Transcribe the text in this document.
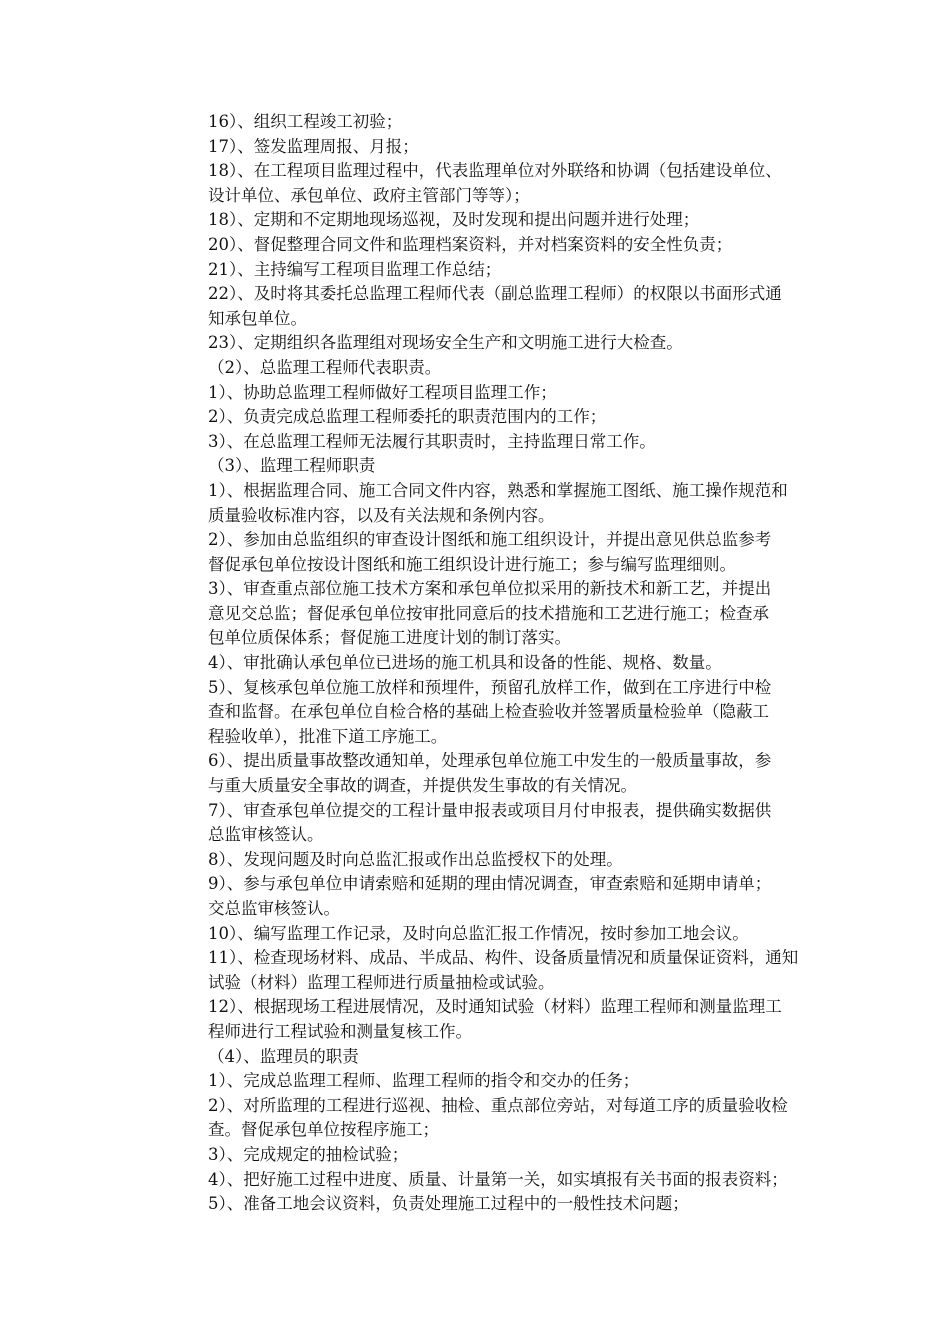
16）、组织工程竣工初验；
17）、签发监理周报、月报；
18）、在工程项目监理过程中，代表监理单位对外联络和协调（包括建设单位、
设计单位、承包单位、政府主管部门等等）；
18）、定期和不定期地现场巡视，及时发现和提出问题并进行处理；
20）、督促整理合同文件和监理档案资料，并对档案资料的安全性负责；
21）、主持编写工程项目监理工作总结；
22）、及时将其委托总监理工程师代表（副总监理工程师）的权限以书面形式通
知承包单位。
23）、定期组织各监理组对现场安全生产和文明施工进行大检查。
（2）、总监理工程师代表职责。
1）、协助总监理工程师做好工程项目监理工作；
2）、负责完成总监理工程师委托的职责范围内的工作；
3）、在总监理工程师无法履行其职责时，主持监理日常工作。
（3）、监理工程师职责
1）、根据监理合同、施工合同文件内容，熟悉和掌握施工图纸、施工操作规范和
质量验收标准内容，以及有关法规和条例内容。
2）、参加由总监组织的审查设计图纸和施工组织设计，并提出意见供总监参考
督促承包单位按设计图纸和施工组织设计进行施工；参与编写监理细则。
3）、审查重点部位施工技术方案和承包单位拟采用的新技术和新工艺，并提出
意见交总监；督促承包单位按审批同意后的技术措施和工艺进行施工；检查承
包单位质保体系；督促施工进度计划的制订落实。
4）、审批确认承包单位已进场的施工机具和设备的性能、规格、数量。
5）、复核承包单位施工放样和预埋件，预留孔放样工作，做到在工序进行中检
查和监督。在承包单位自检合格的基础上检查验收并签署质量检验单（隐蔽工
程验收单），批准下道工序施工。
6）、提出质量事故整改通知单，处理承包单位施工中发生的一般质量事故，参
与重大质量安全事故的调查，并提供发生事故的有关情况。
7）、审查承包单位提交的工程计量申报表或项目月付申报表，提供确实数据供
总监审核签认。
8）、发现问题及时向总监汇报或作出总监授权下的处理。
9）、参与承包单位申请索赔和延期的理由情况调查，审查索赔和延期申请单；
交总监审核签认。
10）、编写监理工作记录，及时向总监汇报工作情况，按时参加工地会议。
11）、检查现场材料、成品、半成品、构件、设备质量情况和质量保证资料，通知
试验（材料）监理工程师进行质量抽检或试验。
12）、根据现场工程进展情况，及时通知试验（材料）监理工程师和测量监理工
程师进行工程试验和测量复核工作。
（4）、监理员的职责
1）、完成总监理工程师、监理工程师的指令和交办的任务；
2）、对所监理的工程进行巡视、抽检、重点部位旁站，对每道工序的质量验收检
查。督促承包单位按程序施工；
3）、完成规定的抽检试验；
4）、把好施工过程中进度、质量、计量第一关，如实填报有关书面的报表资料；
5）、准备工地会议资料，负责处理施工过程中的一般性技术问题；
